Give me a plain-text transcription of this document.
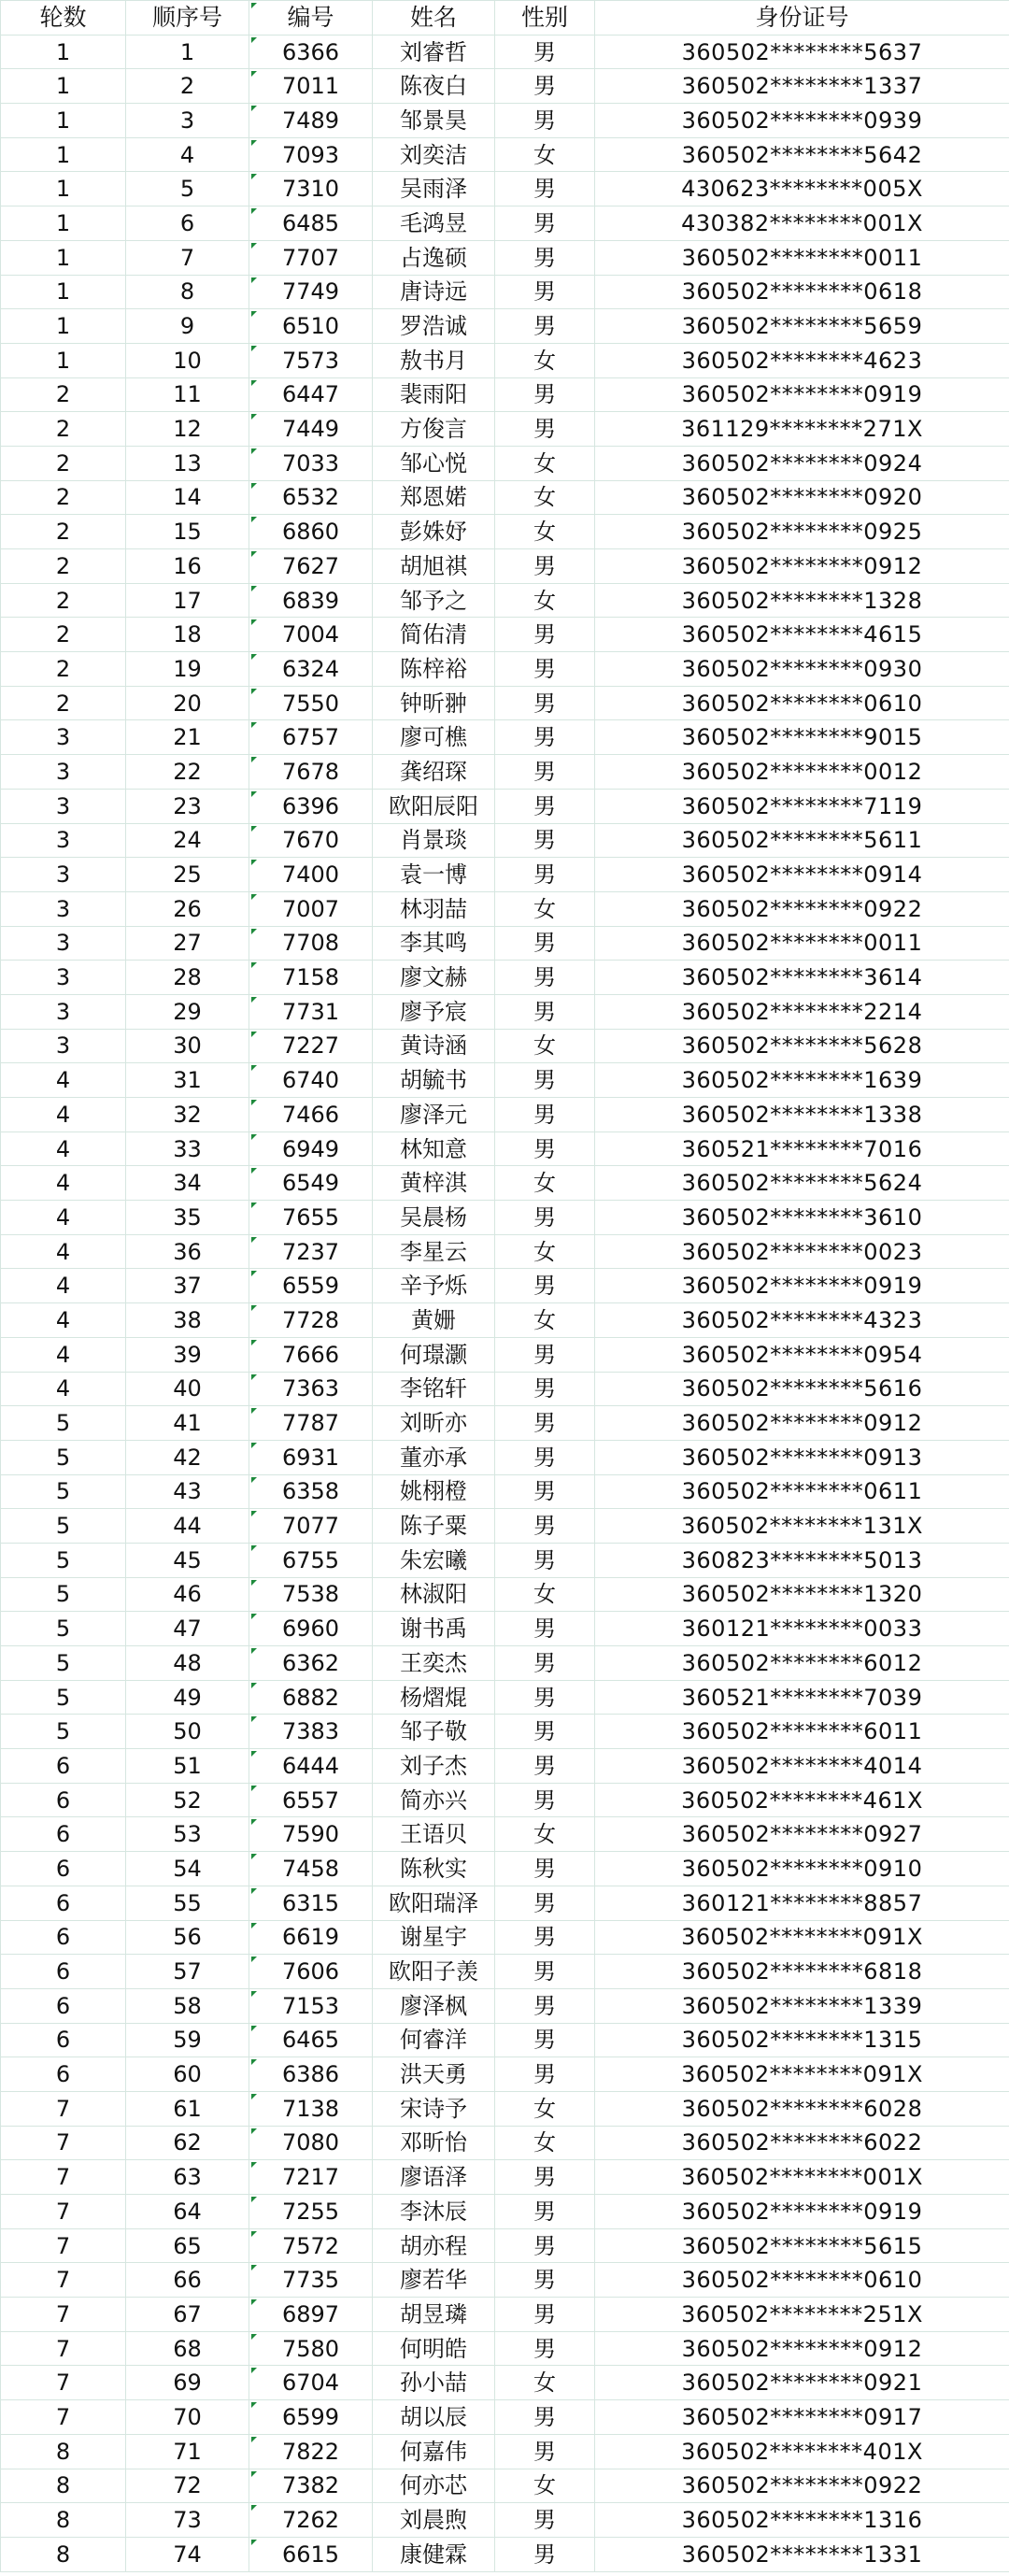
轮数	顺序号	编号	姓名	性别	身份证号
1	1	6366	刘睿哲	男	360502********5637
1	2	7011	陈夜白	男	360502********1337
1	3	7489	邹景昊	男	360502********0939
1	4	7093	刘奕洁	女	360502********5642
1	5	7310	吴雨泽	男	430623********005X
1	6	6485	毛鸿昱	男	430382********001X
1	7	7707	占逸硕	男	360502********0011
1	8	7749	唐诗远	男	360502********0618
1	9	6510	罗浩诚	男	360502********5659
1	10	7573	敖书月	女	360502********4623
2	11	6447	裴雨阳	男	360502********0919
2	12	7449	方俊言	男	361129********271X
2	13	7033	邹心悦	女	360502********0924
2	14	6532	郑恩婼	女	360502********0920
2	15	6860	彭姝妤	女	360502********0925
2	16	7627	胡旭祺	男	360502********0912
2	17	6839	邹予之	女	360502********1328
2	18	7004	简佑清	男	360502********4615
2	19	6324	陈梓裕	男	360502********0930
2	20	7550	钟昕翀	男	360502********0610
3	21	6757	廖可樵	男	360502********9015
3	22	7678	龚绍琛	男	360502********0012
3	23	6396	欧阳辰阳	男	360502********7119
3	24	7670	肖景琰	男	360502********5611
3	25	7400	袁一博	男	360502********0914
3	26	7007	林羽喆	女	360502********0922
3	27	7708	李其鸣	男	360502********0011
3	28	7158	廖文赫	男	360502********3614
3	29	7731	廖予宸	男	360502********2214
3	30	7227	黄诗涵	女	360502********5628
4	31	6740	胡毓书	男	360502********1639
4	32	7466	廖泽元	男	360502********1338
4	33	6949	林知意	男	360521********7016
4	34	6549	黄梓淇	女	360502********5624
4	35	7655	吴晨杨	男	360502********3610
4	36	7237	李星云	女	360502********0023
4	37	6559	辛予烁	男	360502********0919
4	38	7728	黄姗	女	360502********4323
4	39	7666	何璟灏	男	360502********0954
4	40	7363	李铭轩	男	360502********5616
5	41	7787	刘昕亦	男	360502********0912
5	42	6931	董亦承	男	360502********0913
5	43	6358	姚栩橙	男	360502********0611
5	44	7077	陈子粟	男	360502********131X
5	45	6755	朱宏曦	男	360823********5013
5	46	7538	林淑阳	女	360502********1320
5	47	6960	谢书禹	男	360121********0033
5	48	6362	王奕杰	男	360502********6012
5	49	6882	杨熠焜	男	360521********7039
5	50	7383	邹子敬	男	360502********6011
6	51	6444	刘子杰	男	360502********4014
6	52	6557	简亦兴	男	360502********461X
6	53	7590	王语贝	女	360502********0927
6	54	7458	陈秋实	男	360502********0910
6	55	6315	欧阳瑞泽	男	360121********8857
6	56	6619	谢星宇	男	360502********091X
6	57	7606	欧阳子羡	男	360502********6818
6	58	7153	廖泽枫	男	360502********1339
6	59	6465	何睿洋	男	360502********1315
6	60	6386	洪天勇	男	360502********091X
7	61	7138	宋诗予	女	360502********6028
7	62	7080	邓昕怡	女	360502********6022
7	63	7217	廖语泽	男	360502********001X
7	64	7255	李沐辰	男	360502********0919
7	65	7572	胡亦程	男	360502********5615
7	66	7735	廖若华	男	360502********0610
7	67	6897	胡昱璘	男	360502********251X
7	68	7580	何明皓	男	360502********0912
7	69	6704	孙小喆	女	360502********0921
7	70	6599	胡以辰	男	360502********0917
8	71	7822	何嘉伟	男	360502********401X
8	72	7382	何亦芯	女	360502********0922
8	73	7262	刘晨煦	男	360502********1316
8	74	6615	康健霖	男	360502********1331
